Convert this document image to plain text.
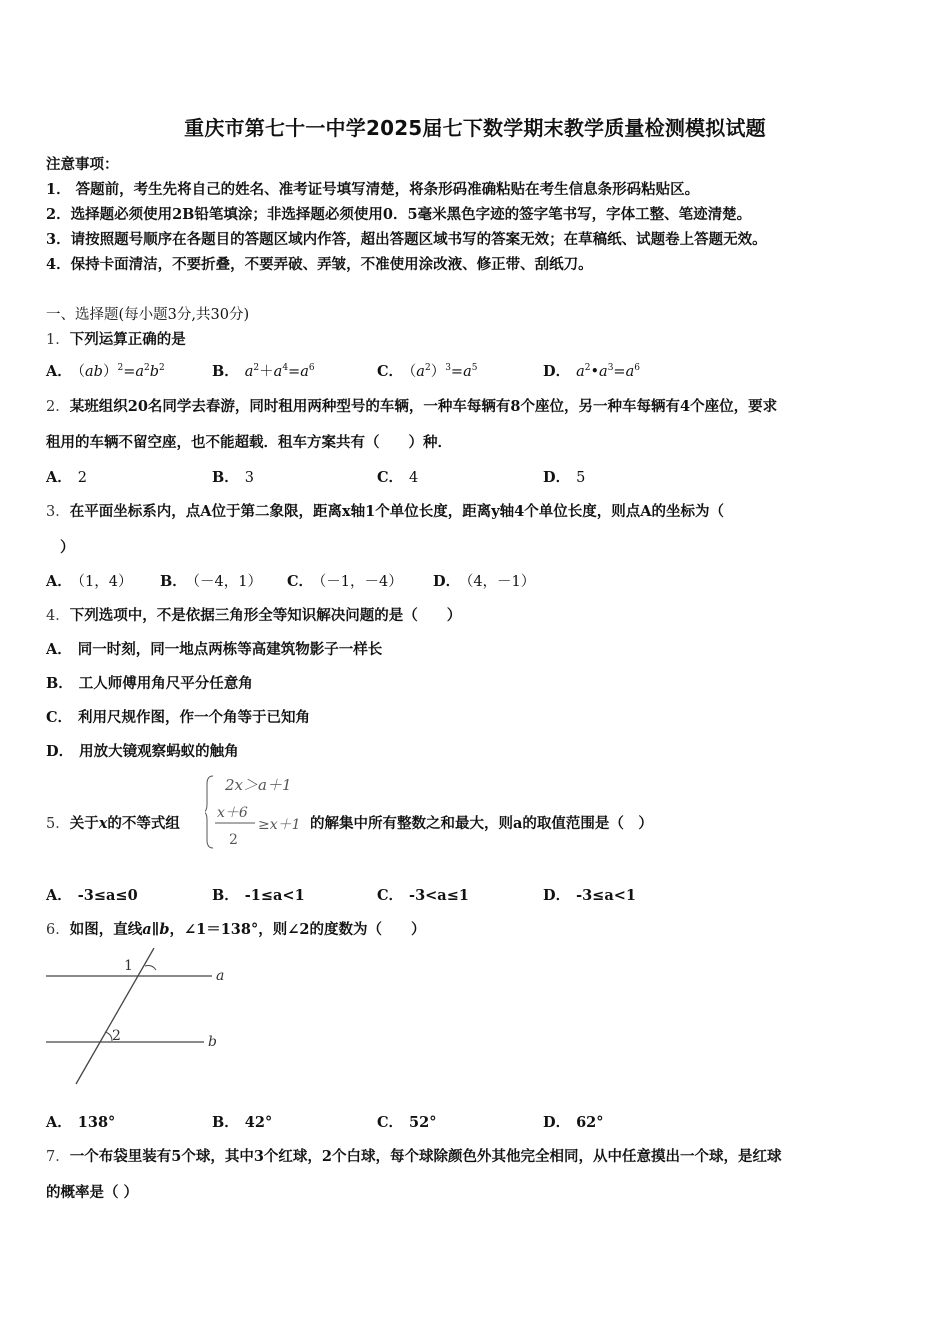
重庆市第七十一中学2025届七下数学期末教学质量检测模拟试题
注意事项：
1． 答题前，考生先将自己的姓名、准考证号填写清楚，将条形码准确粘贴在考生信息条形码粘贴区。
2．选择题必须使用2B铅笔填涂；非选择题必须使用0．5毫米黑色字迹的签字笔书写，字体工整、笔迹清楚。
3．请按照题号顺序在各题目的答题区域内作答，超出答题区域书写的答案无效；在草稿纸、试题卷上答题无效。
4．保持卡面清洁，不要折叠，不要弄破、弄皱，不准使用涂改液、修正带、刮纸刀。
一、选择题(每小题3分,共30分)
1．下列运算正确的是
A． $(ab)^2=a^2b^2$	B． $a^2+a^4=a^6$	C． $(a^2)^3=a^5$	D． $a^2•a^3=a^6$
2．某班组织20名同学去春游，同时租用两种型号的车辆，一种车每辆有8个座位，另一种车每辆有4个座位，要求
租用的车辆不留空座，也不能超载．租车方案共有（　　）种．
A． 2	B． 3	C． 4	D． 5
3．在平面坐标系内，点A位于第二象限，距离x轴1个单位长度，距离y轴4个单位长度，则点A的坐标为（
）
A． （1，4） B． （－4，1） C． （－1，－4） D． （4，－1）
4．下列选项中，不是依据三角形全等知识解决问题的是（　　）
A． 同一时刻，同一地点两栋等高建筑物影子一样长
B． 工人师傅用角尺平分任意角
C． 利用尺规作图，作一个角等于已知角
D． 用放大镜观察蚂蚁的触角
5．关于x的不等式组
2x＞a＋1
x＋6
2
≥x＋1 的解集中所有整数之和最大，则a的取值范围是（　）
A． -3≤a≤0	B． -1≤a<1	C． -3<a≤1	D． -3≤a<1
6．如图，直线a∥b，∠1＝138°，则∠2的度数为（　　）
1
2
a
b
A． 138°	B． 42°	C． 52°	D． 62°
7．一个布袋里装有5个球，其中3个红球，2个白球，每个球除颜色外其他完全相同，从中任意摸出一个球，是红球
的概率是（ ）
